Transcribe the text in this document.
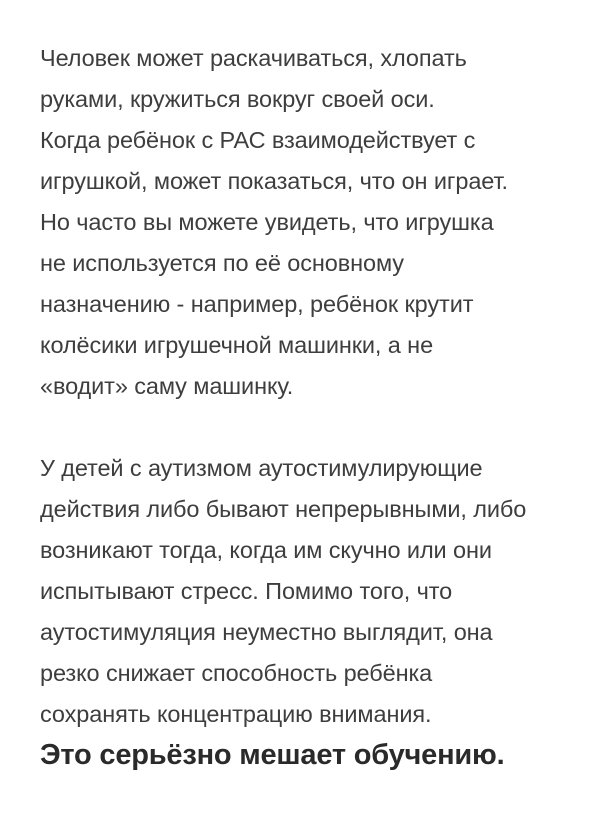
Человек может раскачиваться, хлопать
руками, кружиться вокруг своей оси.
Когда ребёнок с РАС взаимодействует с
игрушкой, может показаться, что он играет.
Но часто вы можете увидеть, что игрушка
не используется по её основному
назначению - например, ребёнок крутит
колёсики игрушечной машинки, а не
«водит» саму машинку.
У детей с аутизмом аутостимулирующие
действия либо бывают непрерывными, либо
возникают тогда, когда им скучно или они
испытывают стресс. Помимо того, что
аутостимуляция неуместно выглядит, она
резко снижает способность ребёнка
сохранять концентрацию внимания.
Это серьёзно мешает обучению.
